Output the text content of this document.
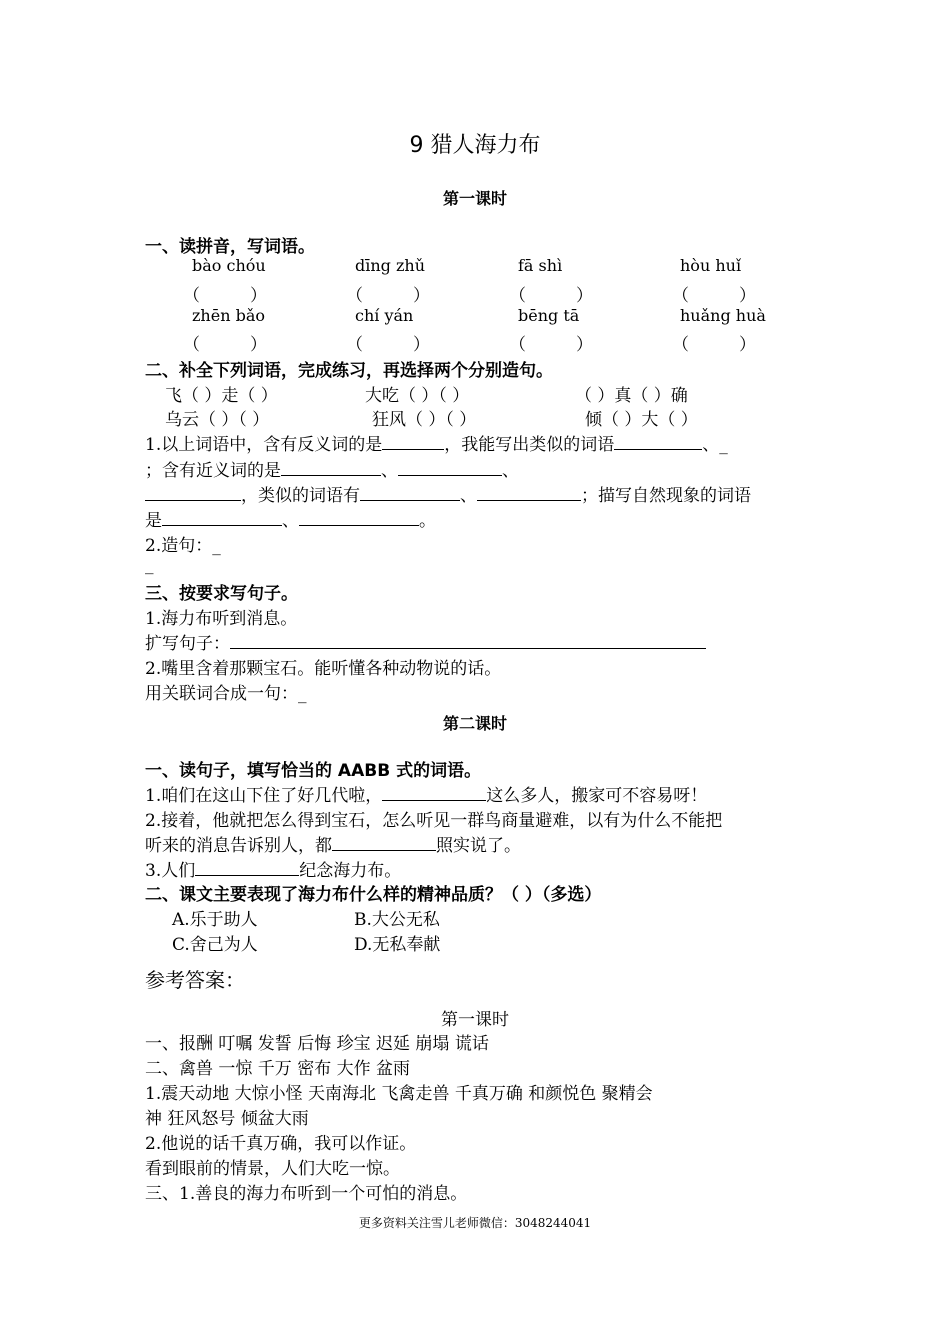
9 猎人海力布
第一课时
一、读拼音，写词语。
bào chóu	dīng zhǔ	fā shì	hòu huǐ
（	）	（	）	（	）	（	）
zhēn bǎo	chí yán	bēng tā	huǎng huà
（	）	（	）	（	）	（	）
二、补全下列词语，完成练习，再选择两个分别造句。
飞（ ）走（ ）	大吃（ ）（ ）	（ ）真（ ）确
乌云（ ）（ ）	狂风（ ）（ ）	倾（ ）大（ ）
1.以上词语中，含有反义词的是	，我能写出类似的词语	、_
；含有近义词的是	、	、
，类似的词语有	、	；描写自然现象的词语
是	、	。
2.造句：_
_
三、按要求写句子。
1.海力布听到消息。
扩写句子：
2.嘴里含着那颗宝石。能听懂各种动物说的话。
用关联词合成一句：_
第二课时
一、读句子，填写恰当的 AABB 式的词语。
1.咱们在这山下住了好几代啦，	这么多人，搬家可不容易呀！
2.接着，他就把怎么得到宝石，怎么听见一群鸟商量避难，以有为什么不能把
听来的消息告诉别人，都	照实说了。
3.人们	纪念海力布。
二、课文主要表现了海力布什么样的精神品质？（ ）（多选）
A.乐于助人	B.大公无私
C.舍己为人	D.无私奉献
参考答案：
第一课时
一、报酬 叮嘱 发誓 后悔 珍宝 迟延 崩塌 谎话
二、禽兽 一惊 千万 密布 大作 盆雨
1.震天动地 大惊小怪 天南海北 飞禽走兽 千真万确 和颜悦色 聚精会
神 狂风怒号 倾盆大雨
2.他说的话千真万确，我可以作证。
看到眼前的情景，人们大吃一惊。
三、1.善良的海力布听到一个可怕的消息。
更多资料关注雪儿老师微信：3048244041
